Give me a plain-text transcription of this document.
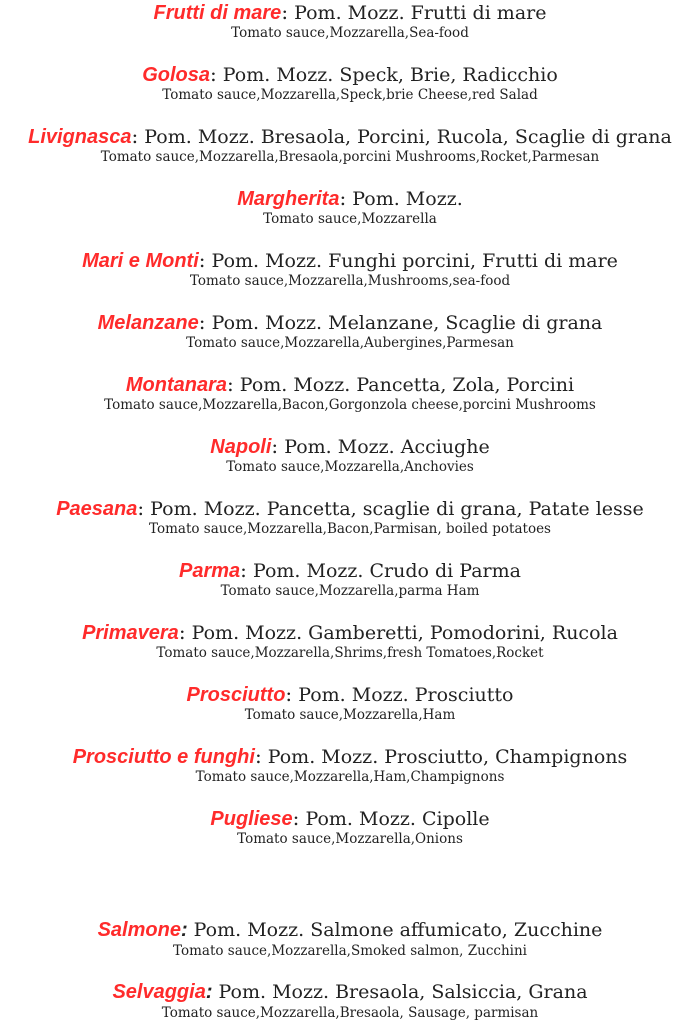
Frutti di mare: Pom. Mozz. Frutti di mare
Tomato sauce,Mozzarella,Sea-food
Golosa: Pom. Mozz. Speck, Brie, Radicchio
Tomato sauce,Mozzarella,Speck,brie Cheese,red Salad
Livignasca: Pom. Mozz. Bresaola, Porcini, Rucola, Scaglie di grana
Tomato sauce,Mozzarella,Bresaola,porcini Mushrooms,Rocket,Parmesan
Margherita: Pom. Mozz.
Tomato sauce,Mozzarella
Mari e Monti: Pom. Mozz. Funghi porcini, Frutti di mare
Tomato sauce,Mozzarella,Mushrooms,sea-food
Melanzane: Pom. Mozz. Melanzane, Scaglie di grana
Tomato sauce,Mozzarella,Aubergines,Parmesan
Montanara: Pom. Mozz. Pancetta, Zola, Porcini
Tomato sauce,Mozzarella,Bacon,Gorgonzola cheese,porcini Mushrooms
Napoli: Pom. Mozz. Acciughe
Tomato sauce,Mozzarella,Anchovies
Paesana: Pom. Mozz. Pancetta, scaglie di grana, Patate lesse
Tomato sauce,Mozzarella,Bacon,Parmisan, boiled potatoes
Parma: Pom. Mozz. Crudo di Parma
Tomato sauce,Mozzarella,parma Ham
Primavera: Pom. Mozz. Gamberetti, Pomodorini, Rucola
Tomato sauce,Mozzarella,Shrims,fresh Tomatoes,Rocket
Prosciutto: Pom. Mozz. Prosciutto
Tomato sauce,Mozzarella,Ham
Prosciutto e funghi: Pom. Mozz. Prosciutto, Champignons
Tomato sauce,Mozzarella,Ham,Champignons
Pugliese: Pom. Mozz. Cipolle
Tomato sauce,Mozzarella,Onions
Salmone: Pom. Mozz. Salmone affumicato, Zucchine
Tomato sauce,Mozzarella,Smoked salmon, Zucchini
Selvaggia: Pom. Mozz. Bresaola, Salsiccia, Grana
Tomato sauce,Mozzarella,Bresaola, Sausage, parmisan
